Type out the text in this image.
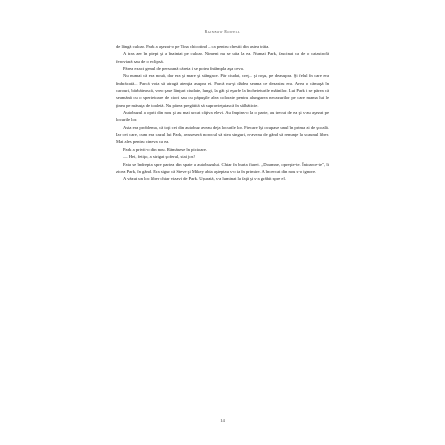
Rainbow Rowell

de lângă culoar. Park a aşezat-o pe Tina chicotind – ca pentru chestii din astea trăia.

A tras aer în piept şi a înaintat pe culoar. Nimeni nu se uita la ea. Numai Park, fascinat ca de o catastrofă feroviară sau de o eclipsă.

Părea exact genul de persoană căreia i se potea întâmpla aşa ceva.

Nu numai că era nouă, dar era şi mare şi stângace. Păr ciudat, creţ... şi roşu, pe deasupra. Şi felul în care era îmbrăcată... Parcă voia să atragă atenţia asupra ei. Parcă nu-şi dădea seama ce dezastru era. Avea o cămaşă în carouri, bărbătească, vreo şase lănţuri ciudate, lungi, la gât şi eşarfe la încheieturile mâinilor. Lui Park i se părea că seamănă cu o sperietoare de ciori sau cu păpuşile alea colorate pentru alungarea necazurilor pe care mama lui le ţinea pe măsuţa de toaletă. Nu părea pregătită să supravieţuiască în sălbăticie.

Autobuzul a oprit din nou şi au mai urcat câţiva elevi. Au împins-o la o parte, au trecut de ea şi s-au aşezat pe locurile lor.

Asta era problema, că toţi cei din autobuz aveau deja locurile lor. Fiecare îşi ocupase unul în prima zi de şcoală. Iar cei care, cum era cazul lui Park, avuseseră norocul să stea singuri, n-aveau de gând să renunţe la scaunul liber. Mai ales pentru cineva ca ea.

Park a privit-o din nou. Rămăsese în picioare.

— Hei, fetiţo, a strigat şoferul, stai jos!

Fata se îndrepta spre partea din spate a autobuzului. Chiar în burta fiarei. „Doamne, opreşte-te. Întoarce-te", îi zicea Park, în gând. Era sigur că Steve şi Mikey abia aşteptau s-o ia în primire. A încercat din nou s-o ignore.

A văzut un loc liber chiar vizavi de Park. Ușurată, s-a luminat la faţă şi s-a grăbit spre el.

14
